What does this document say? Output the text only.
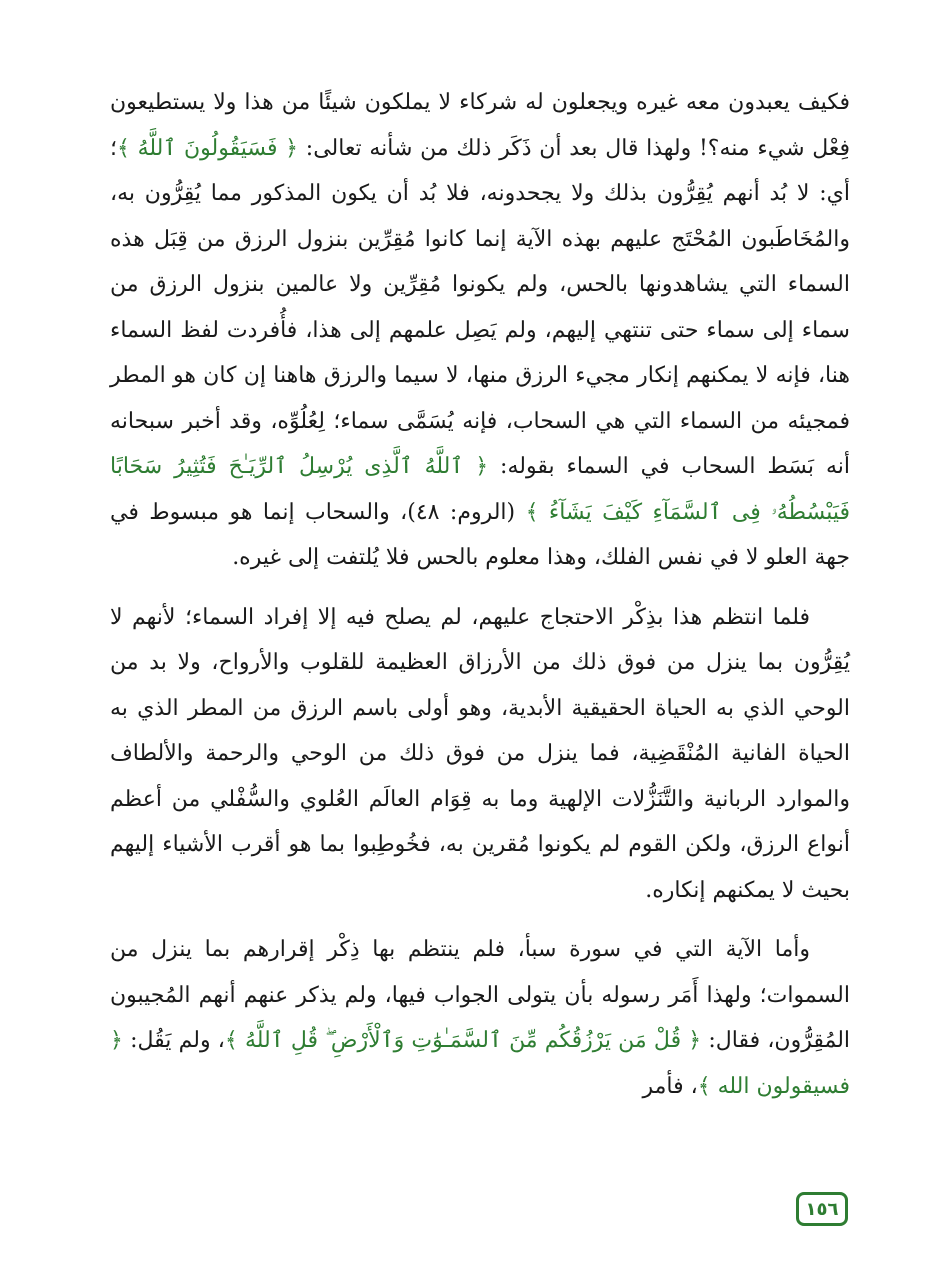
فكيف يعبدون معه غيره ويجعلون له شركاء لا يملكون شيئًا من هذا ولا يستطيعون فِعْل شيء منه؟! ولهذا قال بعد أن ذَكَر ذلك من شأنه تعالى: ﴿ فَسَيَقُولُونَ ٱللَّهُ ﴾؛ أي: لا بُد أنهم يُقِرُّون بذلك ولا يجحدونه، فلا بُد أن يكون المذكور مما يُقِرُّون به، والمُخَاطَبون المُحْتَج عليهم بهذه الآية إنما كانوا مُقِرِّين بنزول الرزق من قِبَل هذه السماء التي يشاهدونها بالحس، ولم يكونوا مُقِرِّين ولا عالمين بنزول الرزق من سماء إلى سماء حتى تنتهي إليهم، ولم يَصِل علمهم إلى هذا، فأُفردت لفظ السماء هنا، فإنه لا يمكنهم إنكار مجيء الرزق منها، لا سيما والرزق هاهنا إن كان هو المطر فمجيئه من السماء التي هي السحاب، فإنه يُسَمَّى سماء؛ لِعُلُوِّه، وقد أخبر سبحانه أنه بَسَط السحاب في السماء بقوله: ﴿ ٱللَّهُ ٱلَّذِى يُرْسِلُ ٱلرِّيَـٰحَ فَتُثِيرُ سَحَابًا فَيَبْسُطُهُۥ فِى ٱلسَّمَآءِ كَيْفَ يَشَآءُ ﴾ (الروم: ٤٨)، والسحاب إنما هو مبسوط في جهة العلو لا في نفس الفلك، وهذا معلوم بالحس فلا يُلتفت إلى غيره.

فلما انتظم هذا بذِكْر الاحتجاج عليهم، لم يصلح فيه إلا إفراد السماء؛ لأنهم لا يُقِرُّون بما ينزل من فوق ذلك من الأرزاق العظيمة للقلوب والأرواح، ولا بد من الوحي الذي به الحياة الحقيقية الأبدية، وهو أولى باسم الرزق من المطر الذي به الحياة الفانية المُنْقَضِية، فما ينزل من فوق ذلك من الوحي والرحمة والألطاف والموارد الربانية والتَّنَزُّلات الإلهية وما به قِوَام العالَم العُلوي والسُّفْلي من أعظم أنواع الرزق، ولكن القوم لم يكونوا مُقرين به، فخُوطِبوا بما هو أقرب الأشياء إليهم بحيث لا يمكنهم إنكاره.

وأما الآية التي في سورة سبأ، فلم ينتظم بها ذِكْر إقرارهم بما ينزل من السموات؛ ولهذا أَمَر رسوله بأن يتولى الجواب فيها، ولم يذكر عنهم أنهم المُجيبون المُقِرُّون، فقال: ﴿ قُلْ مَن يَرْزُقُكُم مِّنَ ٱلسَّمَـٰوَٰتِ وَٱلْأَرْضِ ۖ قُلِ ٱللَّهُ ﴾، ولم يَقُل: ﴿ فسيقولون الله ﴾، فأمر

١٥٦
